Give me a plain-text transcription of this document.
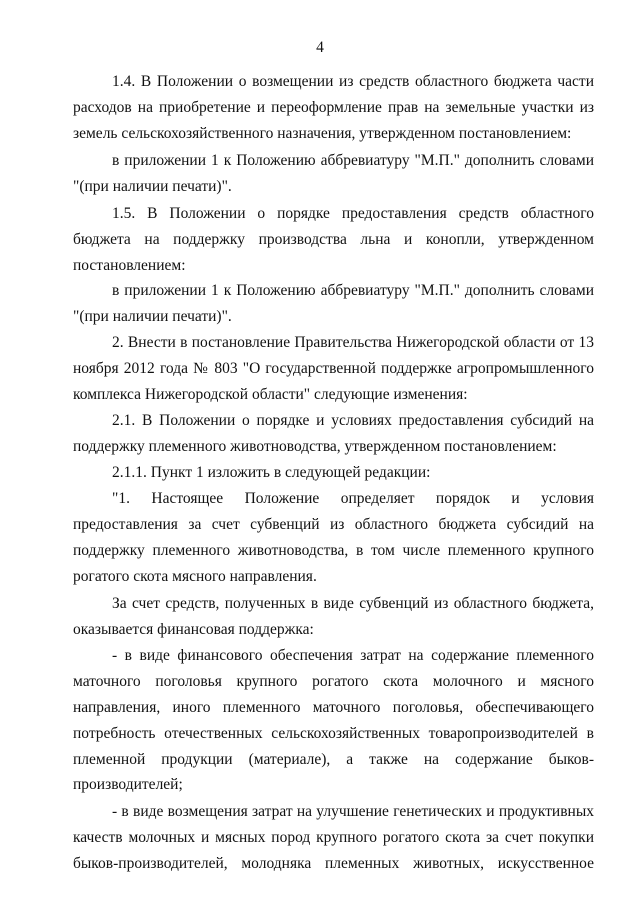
4
1.4. В Положении о возмещении из средств областного бюджета части
расходов на приобретение и переоформление прав на земельные участки из
земель сельскохозяйственного назначения, утвержденном постановлением:
в приложении 1 к Положению аббревиатуру "М.П." дополнить словами
"(при наличии печати)".
1.5. В Положении о порядке предоставления средств областного
бюджета на поддержку производства льна и конопли, утвержденном
постановлением:
в приложении 1 к Положению аббревиатуру "М.П." дополнить словами
"(при наличии печати)".
2. Внести в постановление Правительства Нижегородской области от 13
ноября 2012 года № 803 "О государственной поддержке агропромышленного
комплекса Нижегородской области" следующие изменения:
2.1. В Положении о порядке и условиях предоставления субсидий на
поддержку племенного животноводства, утвержденном постановлением:
2.1.1. Пункт 1 изложить в следующей редакции:
"1. Настоящее Положение определяет порядок и условия
предоставления за счет субвенций из областного бюджета субсидий на
поддержку племенного животноводства, в том числе племенного крупного
рогатого скота мясного направления.
За счет средств, полученных в виде субвенций из областного бюджета,
оказывается финансовая поддержка:
- в виде финансового обеспечения затрат на содержание племенного
маточного поголовья крупного рогатого скота молочного и мясного
направления, иного племенного маточного поголовья, обеспечивающего
потребность отечественных сельскохозяйственных товаропроизводителей в
племенной продукции (материале), а также на содержание быков-
производителей;
- в виде возмещения затрат на улучшение генетических и продуктивных
качеств молочных и мясных пород крупного рогатого скота за счет покупки
быков-производителей, молодняка племенных животных, искусственное
